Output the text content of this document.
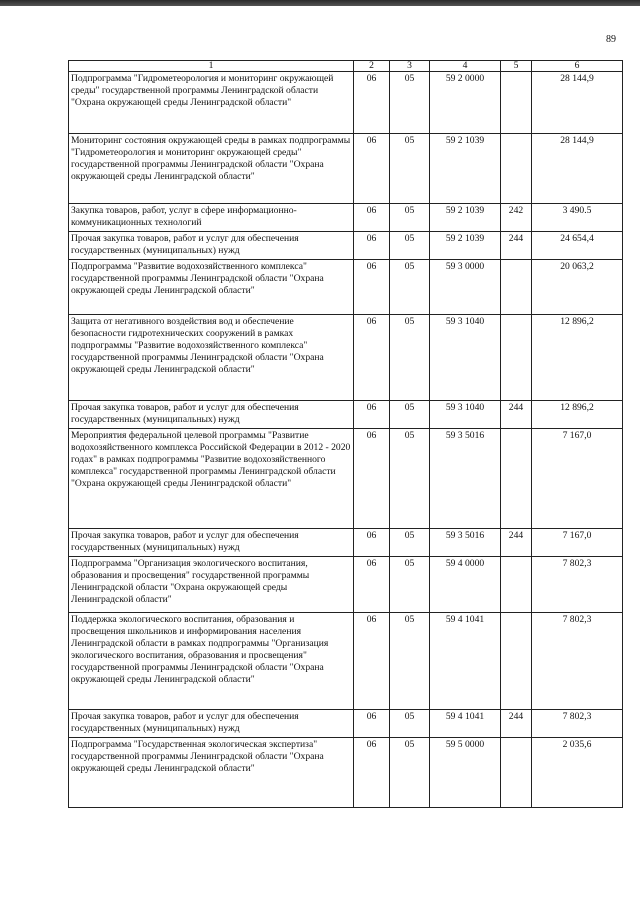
89
1	2	3	4	5	6
Подпрограмма "Гидрометеорология и мониторинг окружающей среды" государственной программы Ленинградской области "Охрана окружающей среды Ленинградской области"	06	05	59 2 0000		28 144,9
Мониторинг состояния окружающей среды в рамках подпрограммы "Гидрометеорология и мониторинг окружающей среды" государственной программы Ленинградской области "Охрана окружающей среды Ленинградской области"	06	05	59 2 1039		28 144,9
Закупка товаров, работ, услуг в сфере информационно-коммуникационных технологий	06	05	59 2 1039	242	3 490.5
Прочая закупка товаров, работ и услуг для обеспечения государственных (муниципальных) нужд	06	05	59 2 1039	244	24 654,4
Подпрограмма "Развитие водохозяйственного комплекса" государственной программы Ленинградской области "Охрана окружающей среды Ленинградской области"	06	05	59 3 0000		20 063,2
Защита от негативного воздействия вод и обеспечение безопасности гидротехнических сооружений в рамках подпрограммы "Развитие водохозяйственного комплекса" государственной программы Ленинградской области "Охрана окружающей среды Ленинградской области"	06	05	59 3 1040		12 896,2
Прочая закупка товаров, работ и услуг для обеспечения государственных (муниципальных) нужд	06	05	59 3 1040	244	12 896,2
Мероприятия федеральной целевой программы "Развитие водохозяйственного комплекса Российской Федерации в 2012 - 2020 годах" в рамках подпрограммы "Развитие водохозяйственного комплекса" государственной программы Ленинградской области "Охрана окружающей среды Ленинградской области"	06	05	59 3 5016		7 167,0
Прочая закупка товаров, работ и услуг для обеспечения государственных (муниципальных) нужд	06	05	59 3 5016	244	7 167,0
Подпрограмма "Организация экологического воспитания, образования и просвещения" государственной программы Ленинградской области "Охрана окружающей среды Ленинградской области"	06	05	59 4 0000		7 802,3
Поддержка экологического воспитания, образования и просвещения школьников и информирования населения Ленинградской области в рамках подпрограммы "Организация экологического воспитания, образования и просвещения" государственной программы Ленинградской области "Охрана окружающей среды Ленинградской области"	06	05	59 4 1041		7 802,3
Прочая закупка товаров, работ и услуг для обеспечения государственных (муниципальных) нужд	06	05	59 4 1041	244	7 802,3
Подпрограмма "Государственная экологическая экспертиза" государственной программы Ленинградской области "Охрана окружающей среды Ленинградской области"	06	05	59 5 0000		2 035,6
